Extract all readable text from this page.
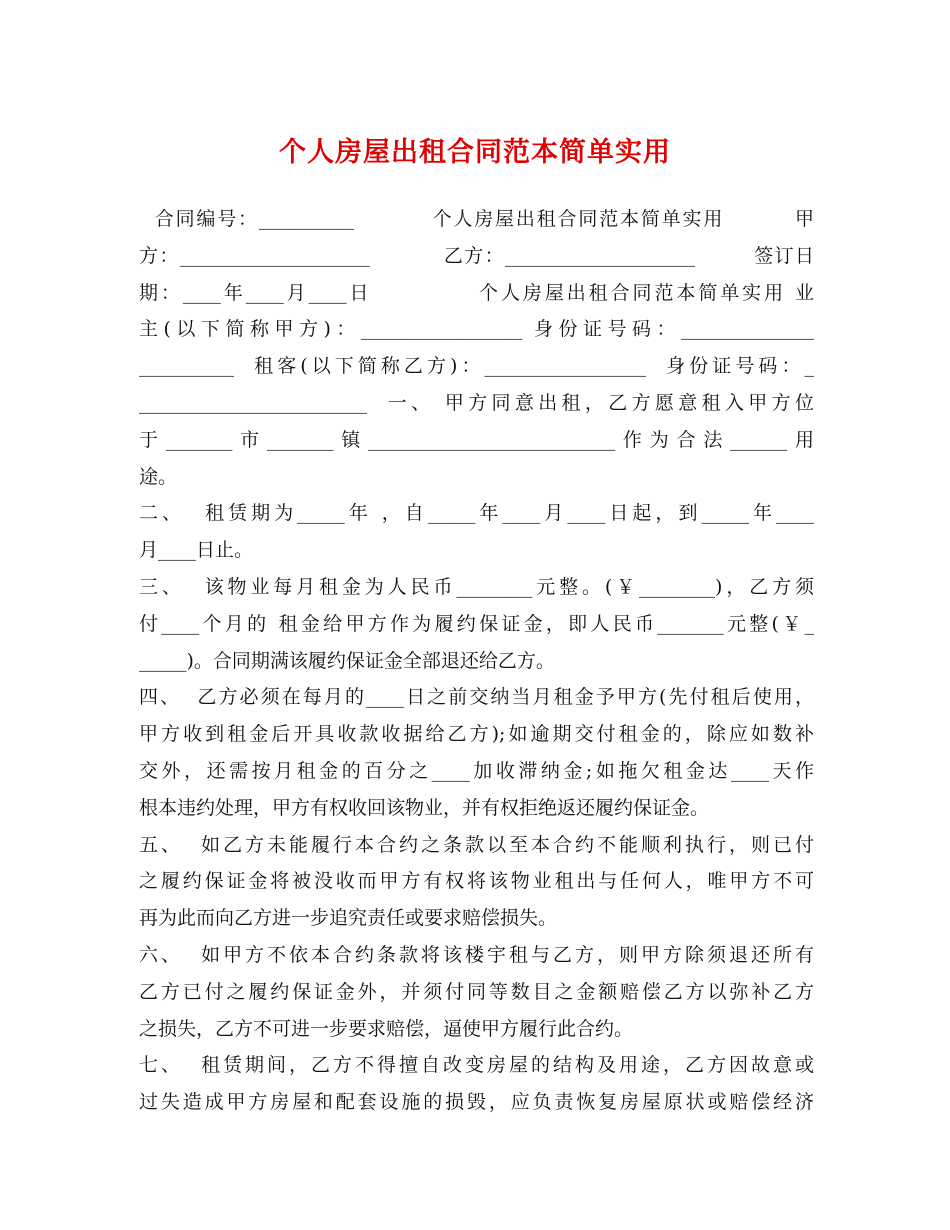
个人房屋出租合同范本简单实用
合同编号：__________          个人房屋出租合同范本简单实用         甲
方：____________________          乙方：____________________        签订日
期：____年____月____日            个人房屋出租合同范本简单实用 业
主(以下简称甲方)：_________________ 身份证号码：______________
__________  租客(以下简称乙方)：_________________  身份证号码：_
________________________  一、 甲方同意出租，乙方愿意租入甲方位
于_______市_______镇__________________________作为合法______用
途。
二、  租赁期为_____年 ，自_____年____月____日起，到_____年____
月____日止。
三、  该物业每月租金为人民币________元整。(￥________)，乙方须
付____个月的 租金给甲方作为履约保证金，即人民币_______元整(￥_
_____)。合同期满该履约保证金全部退还给乙方。
四、  乙方必须在每月的____日之前交纳当月租金予甲方(先付租后使用，
甲方收到租金后开具收款收据给乙方);如逾期交付租金的，除应如数补
交外，还需按月租金的百分之____加收滞纳金;如拖欠租金达____天作
根本违约处理，甲方有权收回该物业，并有权拒绝返还履约保证金。
五、  如乙方未能履行本合约之条款以至本合约不能顺利执行，则已付
之履约保证金将被没收而甲方有权将该物业租出与任何人，唯甲方不可
再为此而向乙方进一步追究责任或要求赔偿损失。
六、  如甲方不依本合约条款将该楼宇租与乙方，则甲方除须退还所有
乙方已付之履约保证金外，并须付同等数目之金额赔偿乙方以弥补乙方
之损失，乙方不可进一步要求赔偿，逼使甲方履行此合约。
七、  租赁期间，乙方不得擅自改变房屋的结构及用途，乙方因故意或
过失造成甲方房屋和配套设施的损毁，应负责恢复房屋原状或赔偿经济
